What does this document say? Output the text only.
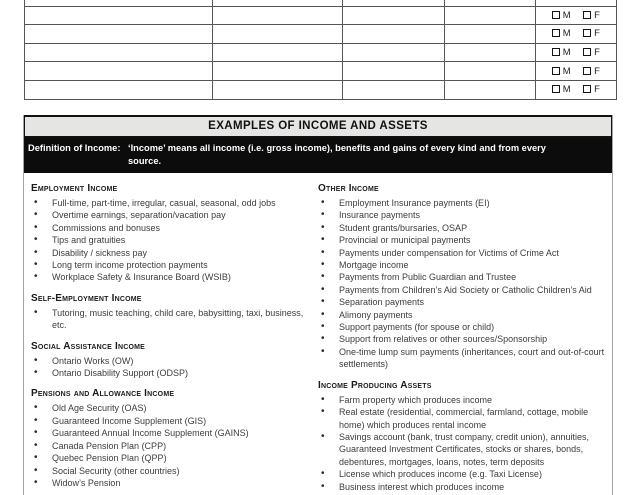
				M F
				M F
				M F
				M F
				M F
EXAMPLES OF INCOME AND ASSETS
Definition of Income: ‘Income’ means all income (i.e. gross income), benefits and gains of every kind and from every source.
Employment Income
• Full-time, part-time, irregular, casual, seasonal, odd jobs
• Overtime earnings, separation/vacation pay
• Commissions and bonuses
• Tips and gratuities
• Disability / sickness pay
• Long term income protection payments
• Workplace Safety & Insurance Board (WSIB)
Self-Employment Income
• Tutoring, music teaching, child care, babysitting, taxi, business, etc.
Social Assistance Income
• Ontario Works (OW)
• Ontario Disability Support (ODSP)
Pensions and Allowance Income
• Old Age Security (OAS)
• Guaranteed Income Supplement (GIS)
• Guaranteed Annual Income Supplement (GAINS)
• Canada Pension Plan (CPP)
• Quebec Pension Plan (QPP)
• Social Security (other countries)
• Widow’s Pension
Other Income
• Employment Insurance payments (EI)
• Insurance payments
• Student grants/bursaries, OSAP
• Provincial or municipal payments
• Payments under compensation for Victims of Crime Act
• Mortgage income
• Payments from Public Guardian and Trustee
• Payments from Children’s Aid Society or Catholic Children’s Aid
• Separation payments
• Alimony payments
• Support payments (for spouse or child)
• Support from relatives or other sources/Sponsorship
• One-time lump sum payments (inheritances, court and out-of-court settlements)
Income Producing Assets
• Farm property which produces income
• Real estate (residential, commercial, farmland, cottage, mobile home) which produces rental income
• Savings account (bank, trust company, credit union), annuities, Guaranteed Investment Certificates, stocks or shares, bonds, debentures, mortgages, loans, notes, term deposits
• License which produces income (e.g. Taxi License)
• Business interest which produces income
